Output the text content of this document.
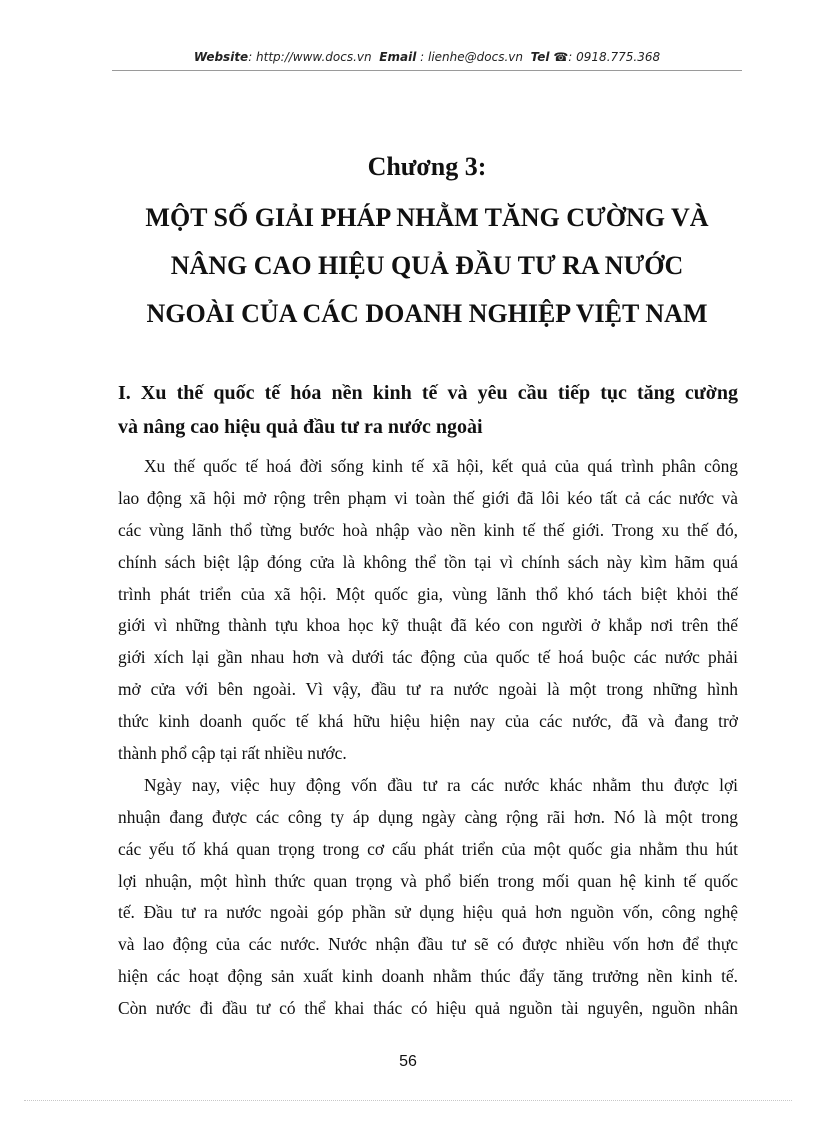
Website: http://www.docs.vn Email : lienhe@docs.vn Tel ☎: 0918.775.368
Chương 3:
MỘT SỐ GIẢI PHÁP NHẰM TĂNG CƯỜNG VÀ
NÂNG CAO HIỆU QUẢ ĐẦU TƯ RA NƯỚC
NGOÀI CỦA CÁC DOANH NGHIỆP VIỆT NAM
I. Xu thế quốc tế hóa nền kinh tế và yêu cầu tiếp tục tăng cường
và nâng cao hiệu quả đầu tư ra nước ngoài
Xu thế quốc tế hoá đời sống kinh tế xã hội, kết quả của quá trình phân công
lao động xã hội mở rộng trên phạm vi toàn thế giới đã lôi kéo tất cả các nước và
các vùng lãnh thổ từng bước hoà nhập vào nền kinh tế thế giới. Trong xu thế đó,
chính sách biệt lập đóng cửa là không thể tồn tại vì chính sách này kìm hãm quá
trình phát triển của xã hội. Một quốc gia, vùng lãnh thổ khó tách biệt khỏi thế
giới vì những thành tựu khoa học kỹ thuật đã kéo con người ở khắp nơi trên thế
giới xích lại gần nhau hơn và dưới tác động của quốc tế hoá buộc các nước phải
mở cửa với bên ngoài. Vì vậy, đầu tư ra nước ngoài là một trong những hình
thức kinh doanh quốc tế khá hữu hiệu hiện nay của các nước, đã và đang trở
thành phổ cập tại rất nhiều nước.
Ngày nay, việc huy động vốn đầu tư ra các nước khác nhằm thu được lợi
nhuận đang được các công ty áp dụng ngày càng rộng rãi hơn. Nó là một trong
các yếu tố khá quan trọng trong cơ cấu phát triển của một quốc gia nhằm thu hút
lợi nhuận, một hình thức quan trọng và phổ biến trong mối quan hệ kinh tế quốc
tế. Đầu tư ra nước ngoài góp phần sử dụng hiệu quả hơn nguồn vốn, công nghệ
và lao động của các nước. Nước nhận đầu tư sẽ có được nhiều vốn hơn để thực
hiện các hoạt động sản xuất kinh doanh nhằm thúc đẩy tăng trưởng nền kinh tế.
Còn nước đi đầu tư có thể khai thác có hiệu quả nguồn tài nguyên, nguồn nhân
56
